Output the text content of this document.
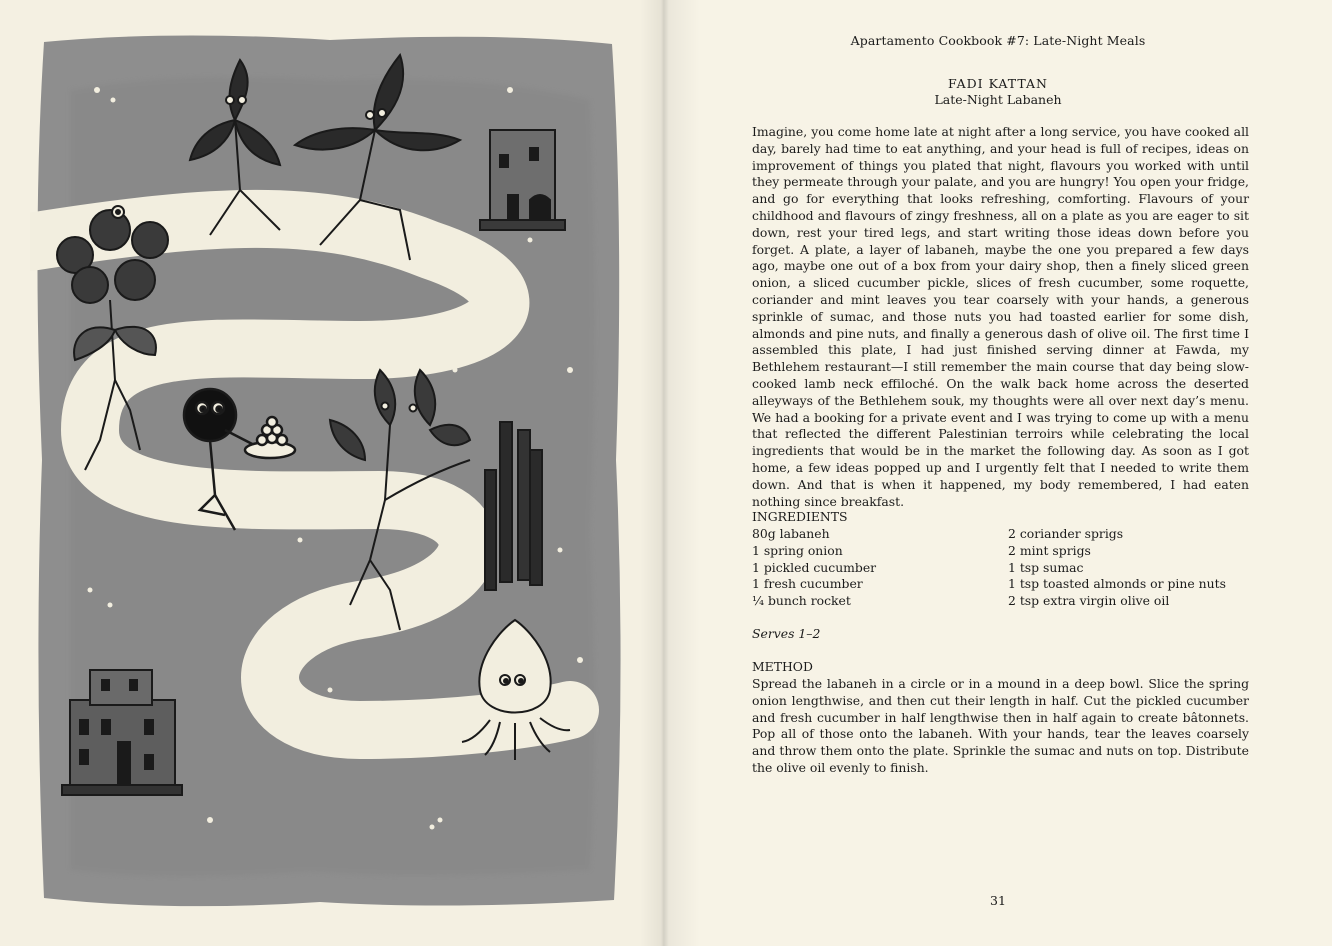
Apartamento Cookbook #7: Late-Night Meals
FADI KATTAN
Late-Night Labaneh

Imagine, you come home late at night after a long service, you have cooked all day, barely had time to eat anything, and your head is full of recipes, ideas on improvement of things you plated that night, flavours you worked with until they permeate through your palate, and you are hungry! You open your fridge, and go for everything that looks refreshing, comforting. Flavours of your childhood and flavours of zingy freshness, all on a plate as you are eager to sit down, rest your tired legs, and start writing those ideas down before you forget. A plate, a layer of labaneh, maybe the one you prepared a few days ago, maybe one out of a box from your dairy shop, then a finely sliced green onion, a sliced cucumber pickle, slices of fresh cucumber, some roquette, coriander and mint leaves you tear coarsely with your hands, a generous sprinkle of sumac, and those nuts you had toasted earlier for some dish, almonds and pine nuts, and finally a generous dash of olive oil. The first time I assembled this plate, I had just finished serving dinner at Fawda, my Bethlehem restaurant—I still remember the main course that day being slow-cooked lamb neck effiloché. On the walk back home across the deserted alleyways of the Bethlehem souk, my thoughts were all over next day’s menu. We had a booking for a private event and I was trying to come up with a menu that reflected the different Palestinian terroirs while celebrating the local ingredients that would be in the market the following day. As soon as I got home, a few ideas popped up and I urgently felt that I needed to write them down. And that is when it happened, my body remembered, I had eaten nothing since breakfast.

INGREDIENTS
80g labaneh
1 spring onion
1 pickled cucumber
1 fresh cucumber
¼ bunch rocket
2 coriander sprigs
2 mint sprigs
1 tsp sumac
1 tsp toasted almonds or pine nuts
2 tsp extra virgin olive oil
Serves 1–2
METHOD

Spread the labaneh in a circle or in a mound in a deep bowl. Slice the spring onion lengthwise, and then cut their length in half. Cut the pickled cucumber and fresh cucumber in half lengthwise then in half again to create bâtonnets. Pop all of those onto the labaneh. With your hands, tear the leaves coarsely and throw them onto the plate. Sprinkle the sumac and nuts on top. Distribute the olive oil evenly to finish.

31
